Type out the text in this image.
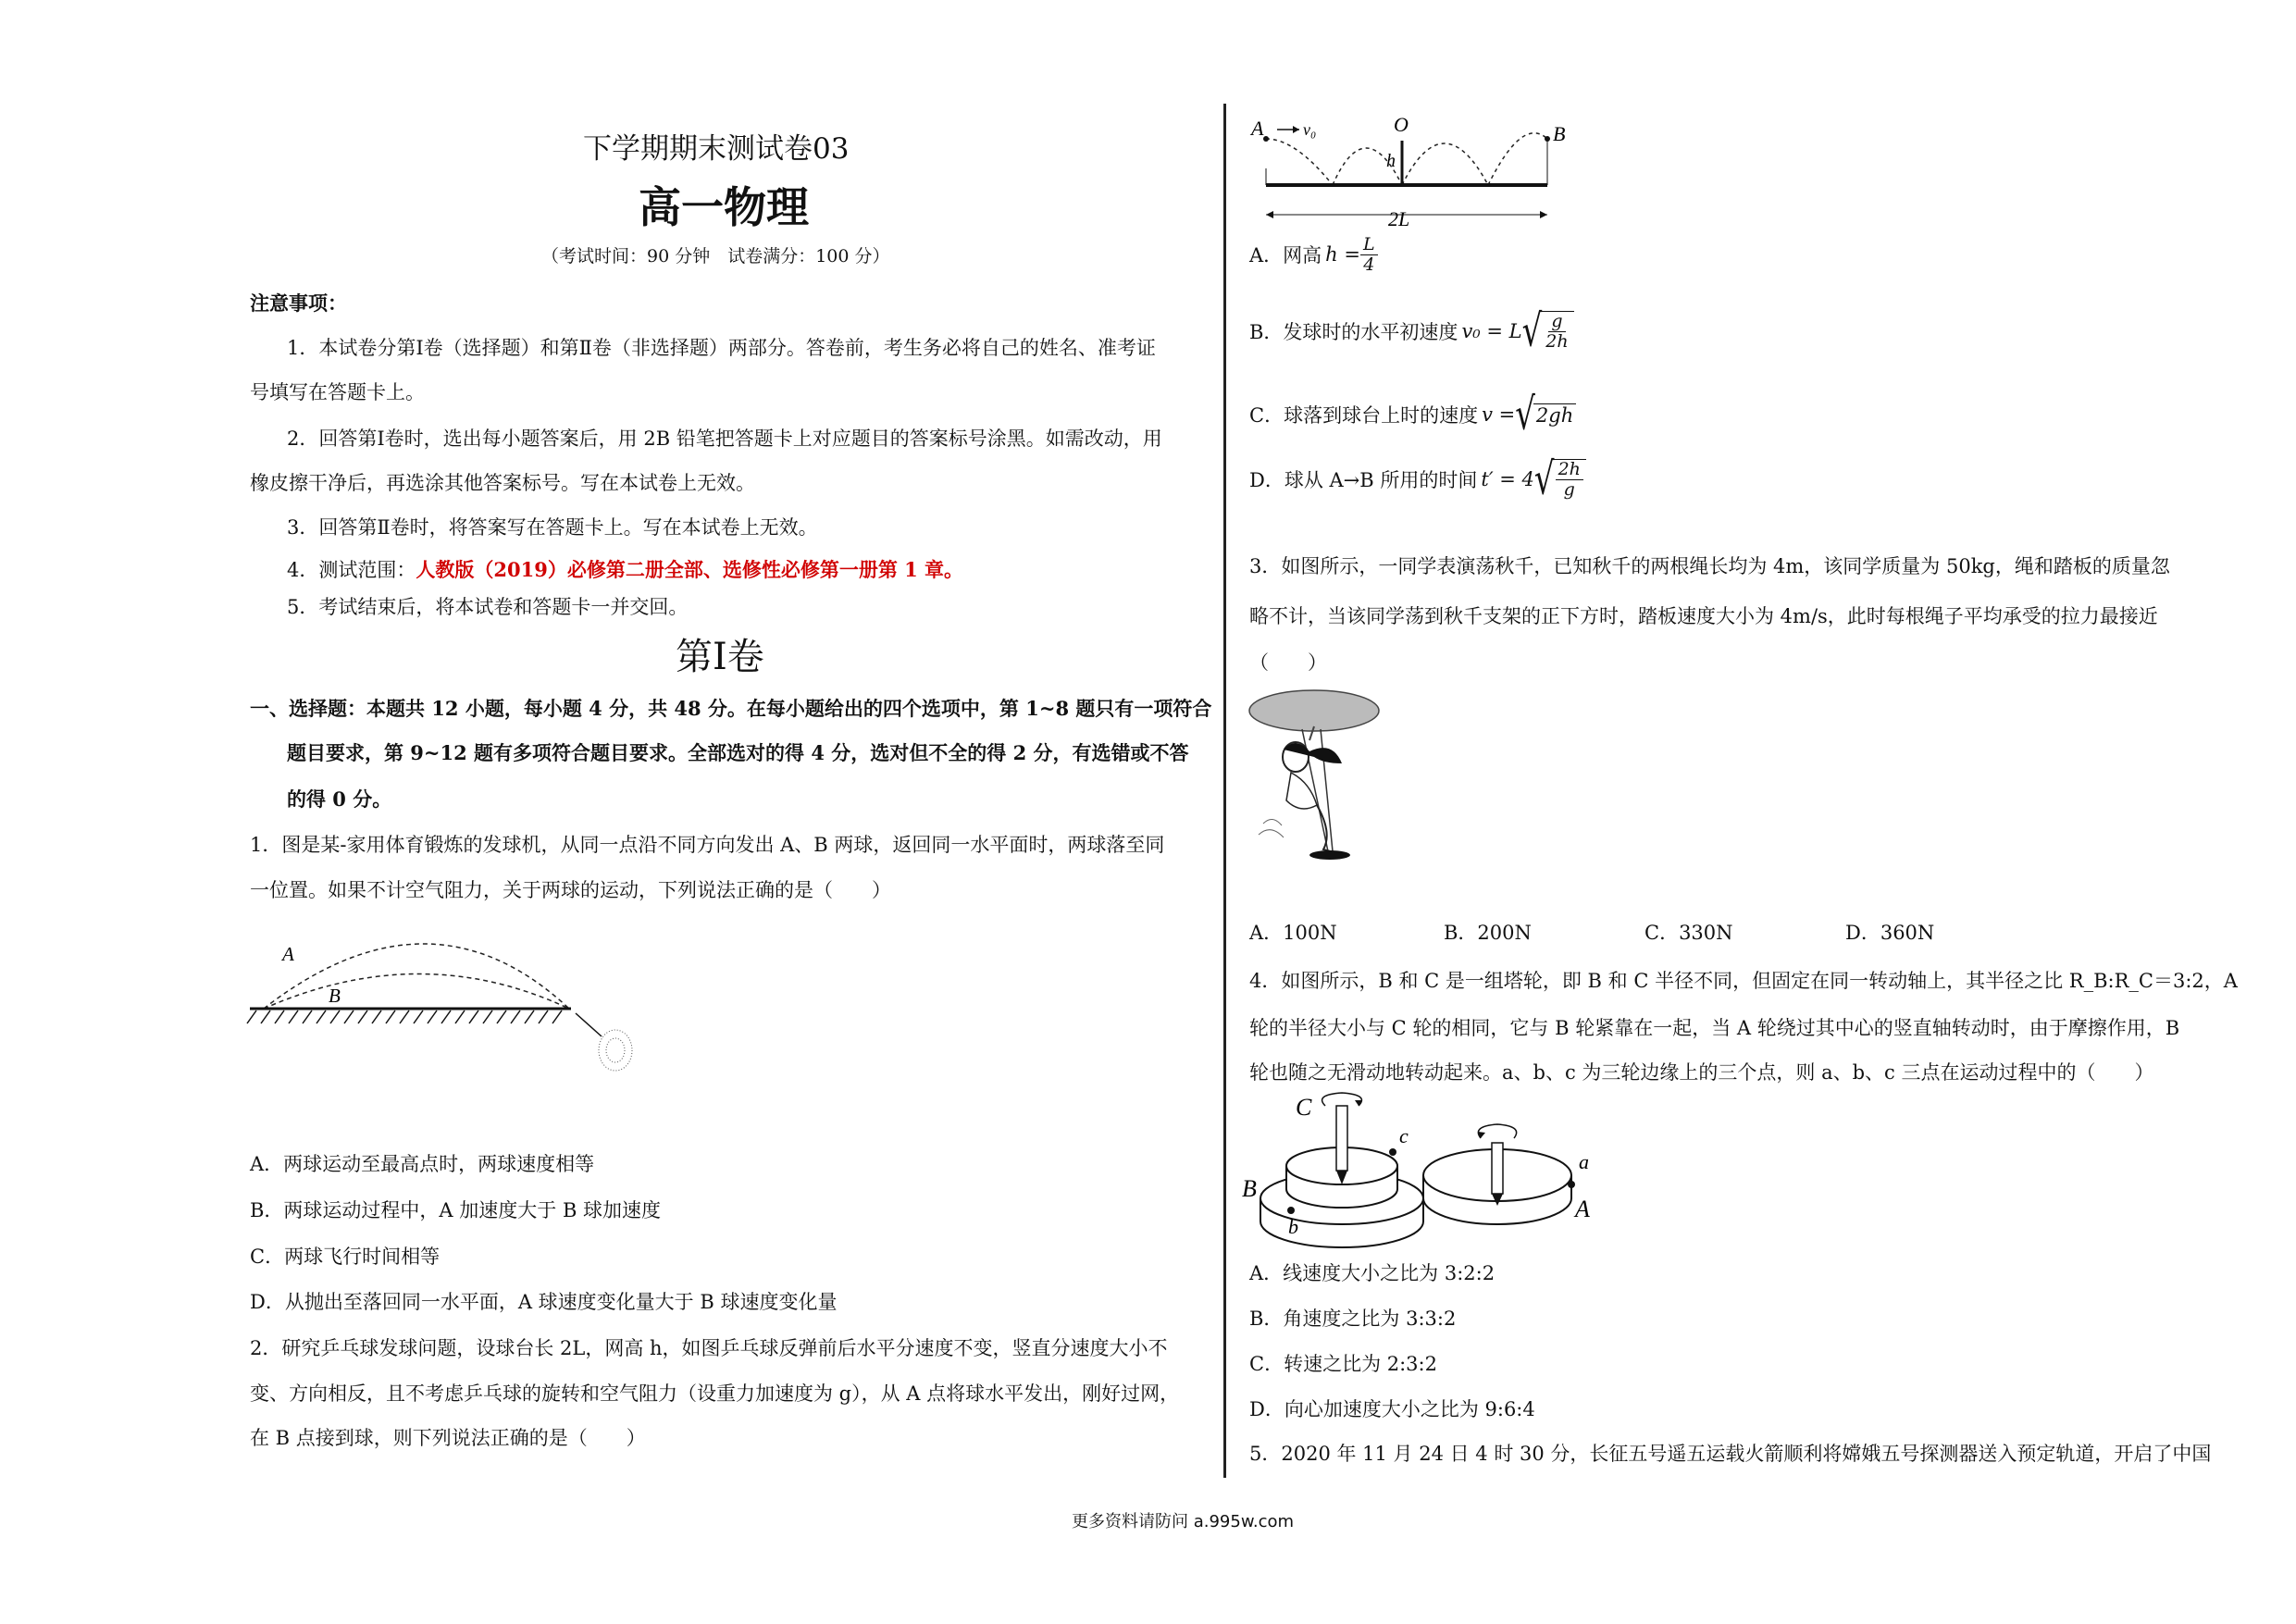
下学期期末测试卷03
高一物理
（考试时间：90 分钟　试卷满分：100 分）
注意事项：
1．本试卷分第Ⅰ卷（选择题）和第Ⅱ卷（非选择题）两部分。答卷前，考生务必将自己的姓名、准考证
号填写在答题卡上。
2．回答第Ⅰ卷时，选出每小题答案后，用 2B 铅笔把答题卡上对应题目的答案标号涂黑。如需改动，用
橡皮擦干净后，再选涂其他答案标号。写在本试卷上无效。
3．回答第Ⅱ卷时，将答案写在答题卡上。写在本试卷上无效。
4．测试范围：人教版（2019）必修第二册全部、选修性必修第一册第 1 章。
5．考试结束后，将本试卷和答题卡一并交回。
第Ⅰ卷
一、选择题：本题共 12 小题，每小题 4 分，共 48 分。在每小题给出的四个选项中，第 1~8 题只有一项符合
题目要求，第 9~12 题有多项符合题目要求。全部选对的得 4 分，选对但不全的得 2 分，有选错或不答
的得 0 分。
1．图是某-家用体育锻炼的发球机，从同一点沿不同方向发出 A、B 两球，返回同一水平面时，两球落至同
一位置。如果不计空气阻力，关于两球的运动，下列说法正确的是（　　）
A
B
A．两球运动至最高点时，两球速度相等
B．两球运动过程中，A 加速度大于 B 球加速度
C．两球飞行时间相等
D．从抛出至落回同一水平面，A 球速度变化量大于 B 球速度变化量
2．研究乒乓球发球问题，设球台长 2L，网高 h，如图乒乓球反弹前后水平分速度不变，竖直分速度大小不
变、方向相反，且不考虑乒乓球的旋转和空气阻力（设重力加速度为 g），从 A 点将球水平发出，刚好过网，
在 B 点接到球，则下列说法正确的是（　　）
A v₀	O
h
B
2L
A．网高 $h = \frac{L}{4}$
B．发球时的水平初速度 v₀ = L √ $\frac{g}{2h}$
C．球落到球台上时的速度 v = √ 2gh
D．球从 A→B 所用的时间 t′ = 4 √ $\frac{2h}{g}$
3．如图所示，一同学表演荡秋千，已知秋千的两根绳长均为 4m，该同学质量为 50kg，绳和踏板的质量忽
略不计，当该同学荡到秋千支架的正下方时，踏板速度大小为 4m/s，此时每根绳子平均承受的拉力最接近
（　　）
A．100N	B．200N	C．330N	D．360N
4．如图所示，B 和 C 是一组塔轮，即 B 和 C 半径不同，但固定在同一转动轴上，其半径之比 R_B:R_C＝3:2，A
轮的半径大小与 C 轮的相同，它与 B 轮紧靠在一起，当 A 轮绕过其中心的竖直轴转动时，由于摩擦作用，B
轮也随之无滑动地转动起来。a、b、c 为三轮边缘上的三个点，则 a、b、c 三点在运动过程中的（　　）
C
c
B
b
a
A
A．线速度大小之比为 3:2:2
B．角速度之比为 3:3:2
C．转速之比为 2:3:2
D．向心加速度大小之比为 9:6:4
5．2020 年 11 月 24 日 4 时 30 分，长征五号遥五运载火箭顺利将嫦娥五号探测器送入预定轨道，开启了中国
更多资料请防问 a.995w.com
